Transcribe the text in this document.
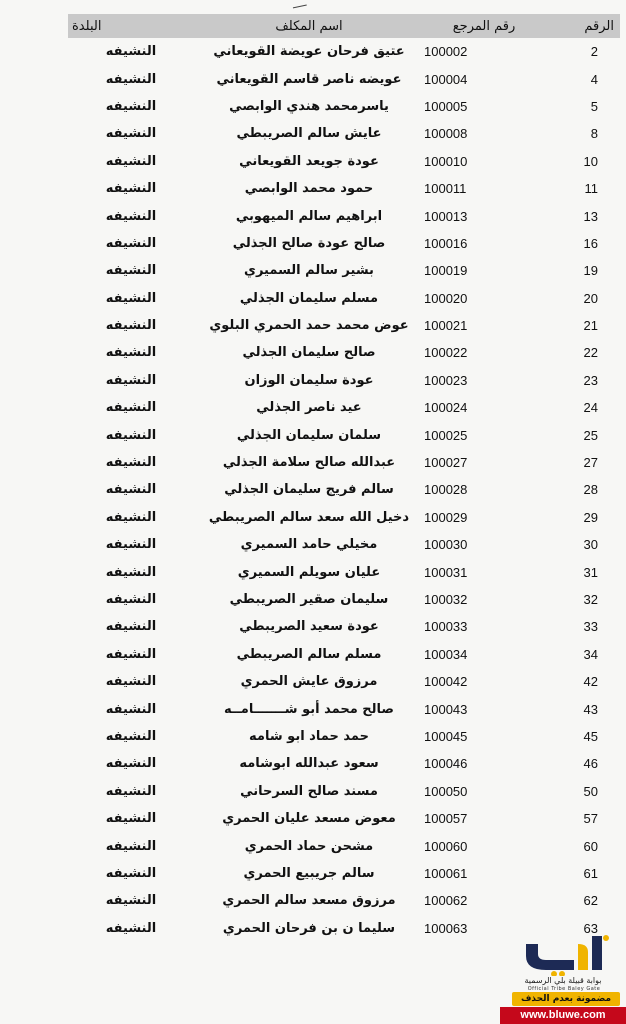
الرقم	رقم المرجع	اسم المكلف	البلدة
2	100002	عتيق فرحان عويضة القويعاني	النشيفه
4	100004	عويضه ناصر قاسم القويعاني	النشيفه
5	100005	ياسرمحمد هندي الوابصي	النشيفه
8	100008	عايش سالم الصريبطي	النشيفه
10	100010	عودة جويعد القويعاني	النشيفه
11	100011	حمود محمد الوابصي	النشيفه
13	100013	ابراهيم سالم الميهوبي	النشيفه
16	100016	صالح عودة صالح الجذلي	النشيفه
19	100019	بشير سالم السميري	النشيفه
20	100020	مسلم سليمان الجذلي	النشيفه
21	100021	عوض محمد حمد الحمري البلوي	النشيفه
22	100022	صالح سليمان الجذلي	النشيفه
23	100023	عودة سليمان الوزان	النشيفه
24	100024	عيد ناصر الجذلي	النشيفه
25	100025	سلمان سليمان الجذلي	النشيفه
27	100027	عبدالله صالح سلامة الجذلي	النشيفه
28	100028	سالم فريج سليمان الجذلي	النشيفه
29	100029	دخيل الله سعد سالم الصريبطي	النشيفه
30	100030	مخيلي حامد السميري	النشيفه
31	100031	عليان سويلم السميري	النشيفه
32	100032	سليمان صقير الصريبطي	النشيفه
33	100033	عودة سعيد الصريبطي	النشيفه
34	100034	مسلم سالم الصريبطي	النشيفه
42	100042	مرزوق عايش الحمري	النشيفه
43	100043	صالح محمد أبو شـــــــامــه	النشيفه
45	100045	حمد حماد ابو شامه	النشيفه
46	100046	سعود عبدالله ابوشامه	النشيفه
50	100050	مسند صالح السرحاني	النشيفه
57	100057	معوض مسعد عليان الحمري	النشيفه
60	100060	مشحن حماد الحمري	النشيفه
61	100061	سالم جريبيع الحمري	النشيفه
62	100062	مرزوق مسعد سالم الحمري	النشيفه
63	100063	سليما ن بن فرحان الحمري	النشيفه
بوابة قبيلة بلي الرسمية
Official Tribe Baley Gate
مضمونة بعدم الحذف
www.bluwe.com
